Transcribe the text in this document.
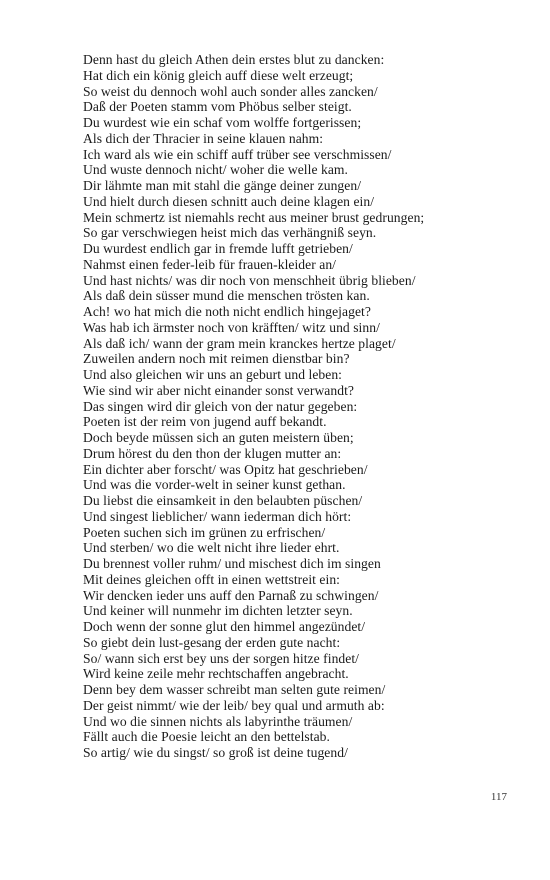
Denn hast du gleich Athen dein erstes blut zu dancken:
Hat dich ein könig gleich auff diese welt erzeugt;
So weist du dennoch wohl auch sonder alles zancken/
Daß der Poeten stamm vom Phöbus selber steigt.
Du wurdest wie ein schaf vom wolffe fortgerissen;
Als dich der Thracier in seine klauen nahm:
Ich ward als wie ein schiff auff trüber see verschmissen/
Und wuste dennoch nicht/ woher die welle kam.
Dir lähmte man mit stahl die gänge deiner zungen/
Und hielt durch diesen schnitt auch deine klagen ein/
Mein schmertz ist niemahls recht aus meiner brust gedrungen;
So gar verschwiegen heist mich das verhängniß seyn.
Du wurdest endlich gar in fremde lufft getrieben/
Nahmst einen feder-leib für frauen-kleider an/
Und hast nichts/ was dir noch von menschheit übrig blieben/
Als daß dein süsser mund die menschen trösten kan.
Ach! wo hat mich die noth nicht endlich hingejaget?
Was hab ich ärmster noch von kräfften/ witz und sinn/
Als daß ich/ wann der gram mein kranckes hertze plaget/
Zuweilen andern noch mit reimen dienstbar bin?
Und also gleichen wir uns an geburt und leben:
Wie sind wir aber nicht einander sonst verwandt?
Das singen wird dir gleich von der natur gegeben:
Poeten ist der reim von jugend auff bekandt.
Doch beyde müssen sich an guten meistern üben;
Drum hörest du den thon der klugen mutter an:
Ein dichter aber forscht/ was Opitz hat geschrieben/
Und was die vorder-welt in seiner kunst gethan.
Du liebst die einsamkeit in den belaubten püschen/
Und singest lieblicher/ wann iederman dich hört:
Poeten suchen sich im grünen zu erfrischen/
Und sterben/ wo die welt nicht ihre lieder ehrt.
Du brennest voller ruhm/ und mischest dich im singen
Mit deines gleichen offt in einen wettstreit ein:
Wir dencken ieder uns auff den Parnaß zu schwingen/
Und keiner will nunmehr im dichten letzter seyn.
Doch wenn der sonne glut den himmel angezündet/
So giebt dein lust-gesang der erden gute nacht:
So/ wann sich erst bey uns der sorgen hitze findet/
Wird keine zeile mehr rechtschaffen angebracht.
Denn bey dem wasser schreibt man selten gute reimen/
Der geist nimmt/ wie der leib/ bey qual und armuth ab:
Und wo die sinnen nichts als labyrinthe träumen/
Fällt auch die Poesie leicht an den bettelstab.
So artig/ wie du singst/ so groß ist deine tugend/
117
